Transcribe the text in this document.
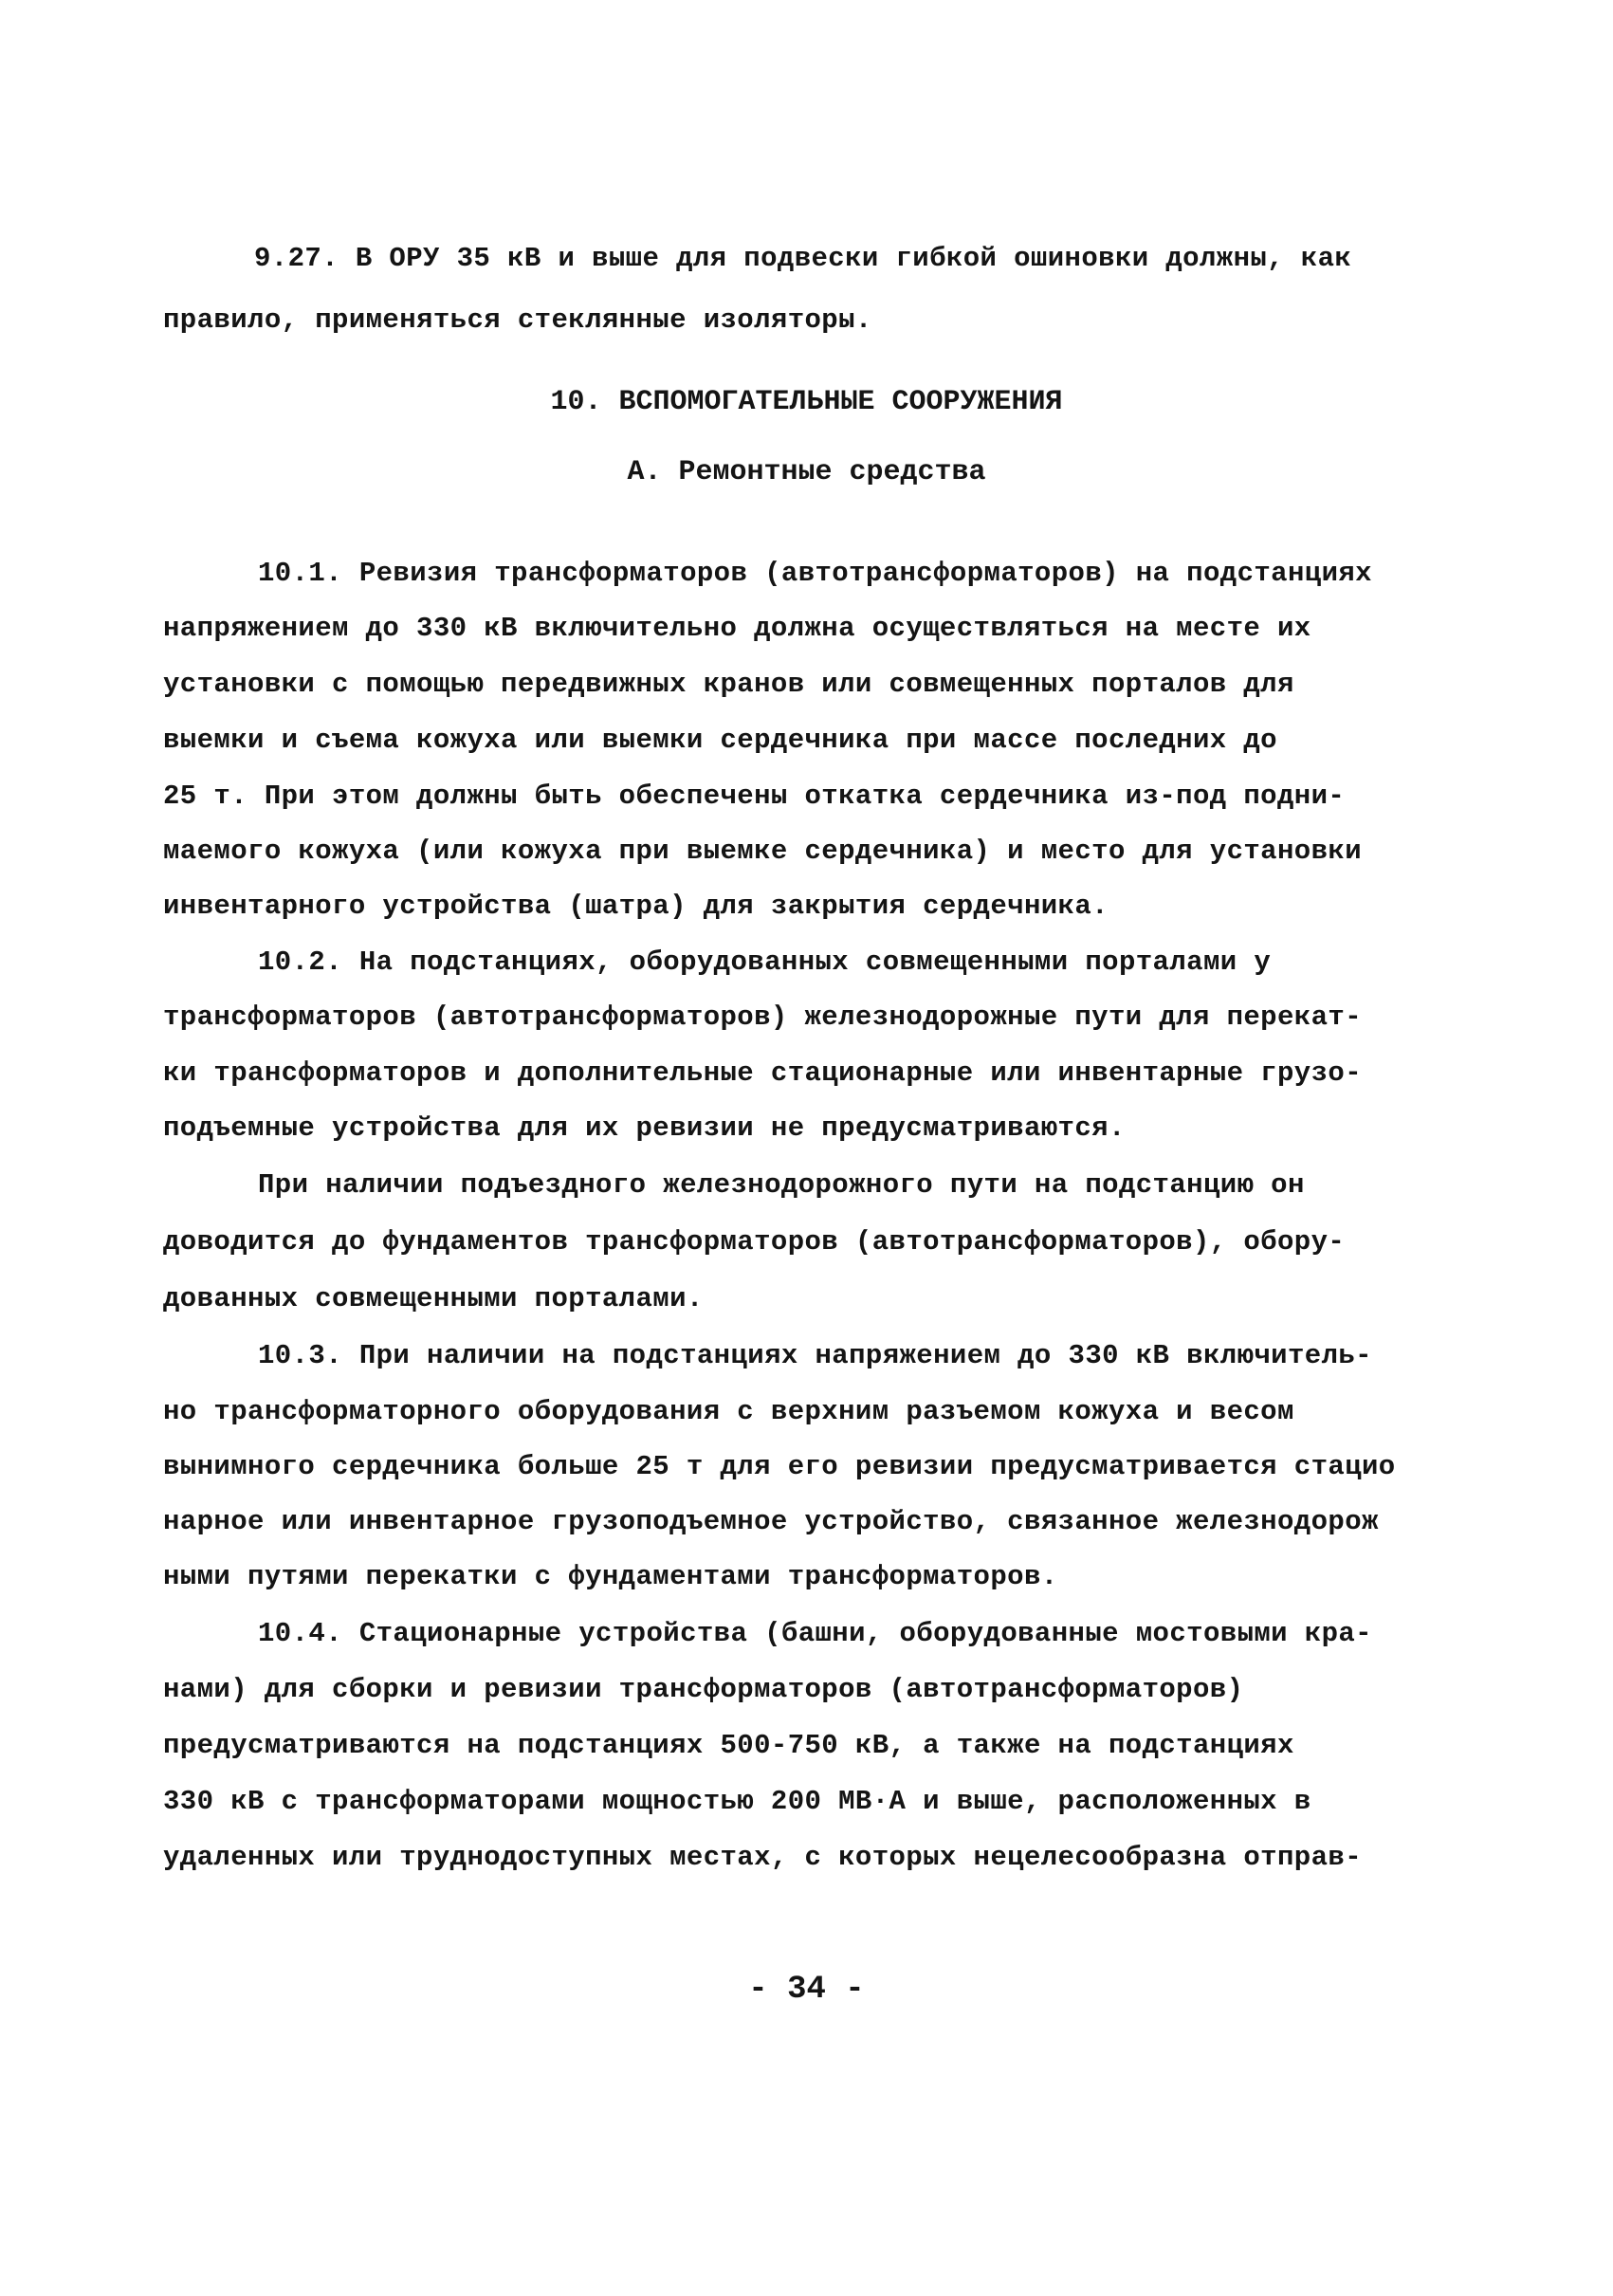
9.27. В ОРУ 35 кВ и выше для подвески гибкой ошиновки должны, как
правило, применяться стеклянные изоляторы.
10. ВСПОМОГАТЕЛЬНЫЕ СООРУЖЕНИЯ
А. Ремонтные средства
10.1. Ревизия трансформаторов (автотрансформаторов) на подстанциях
напряжением до 330 кВ включительно должна осуществляться на месте их
установки с помощью передвижных кранов или совмещенных порталов для
выемки и съема кожуха или выемки сердечника при массе последних до
25 т. При этом должны быть обеспечены откатка сердечника из-под подни-
маемого кожуха (или кожуха при выемке сердечника) и место для установки
инвентарного устройства (шатра) для закрытия сердечника.
10.2. На подстанциях, оборудованных совмещенными порталами у
трансформаторов (автотрансформаторов) железнодорожные пути для перекат-
ки трансформаторов и дополнительные стационарные или инвентарные грузо-
подъемные устройства для их ревизии не предусматриваются.
При наличии подъездного железнодорожного пути на подстанцию он
доводится до фундаментов трансформаторов (автотрансформаторов), обору-
дованных совмещенными порталами.
10.3. При наличии на подстанциях напряжением до 330 кВ включитель-
но трансформаторного оборудования с верхним разъемом кожуха и весом
вынимного сердечника больше 25 т для его ревизии предусматривается стацио
нарное или инвентарное грузоподъемное устройство, связанное железнодорож
ными путями перекатки с фундаментами трансформаторов.
10.4. Стационарные устройства (башни, оборудованные мостовыми кра-
нами) для сборки и ревизии трансформаторов (автотрансформаторов)
предусматриваются на подстанциях 500-750 кВ, а также на подстанциях
330 кВ с трансформаторами мощностью 200 МВ·А и выше, расположенных в
удаленных или труднодоступных местах, с которых нецелесообразна отправ-
- 34 -
